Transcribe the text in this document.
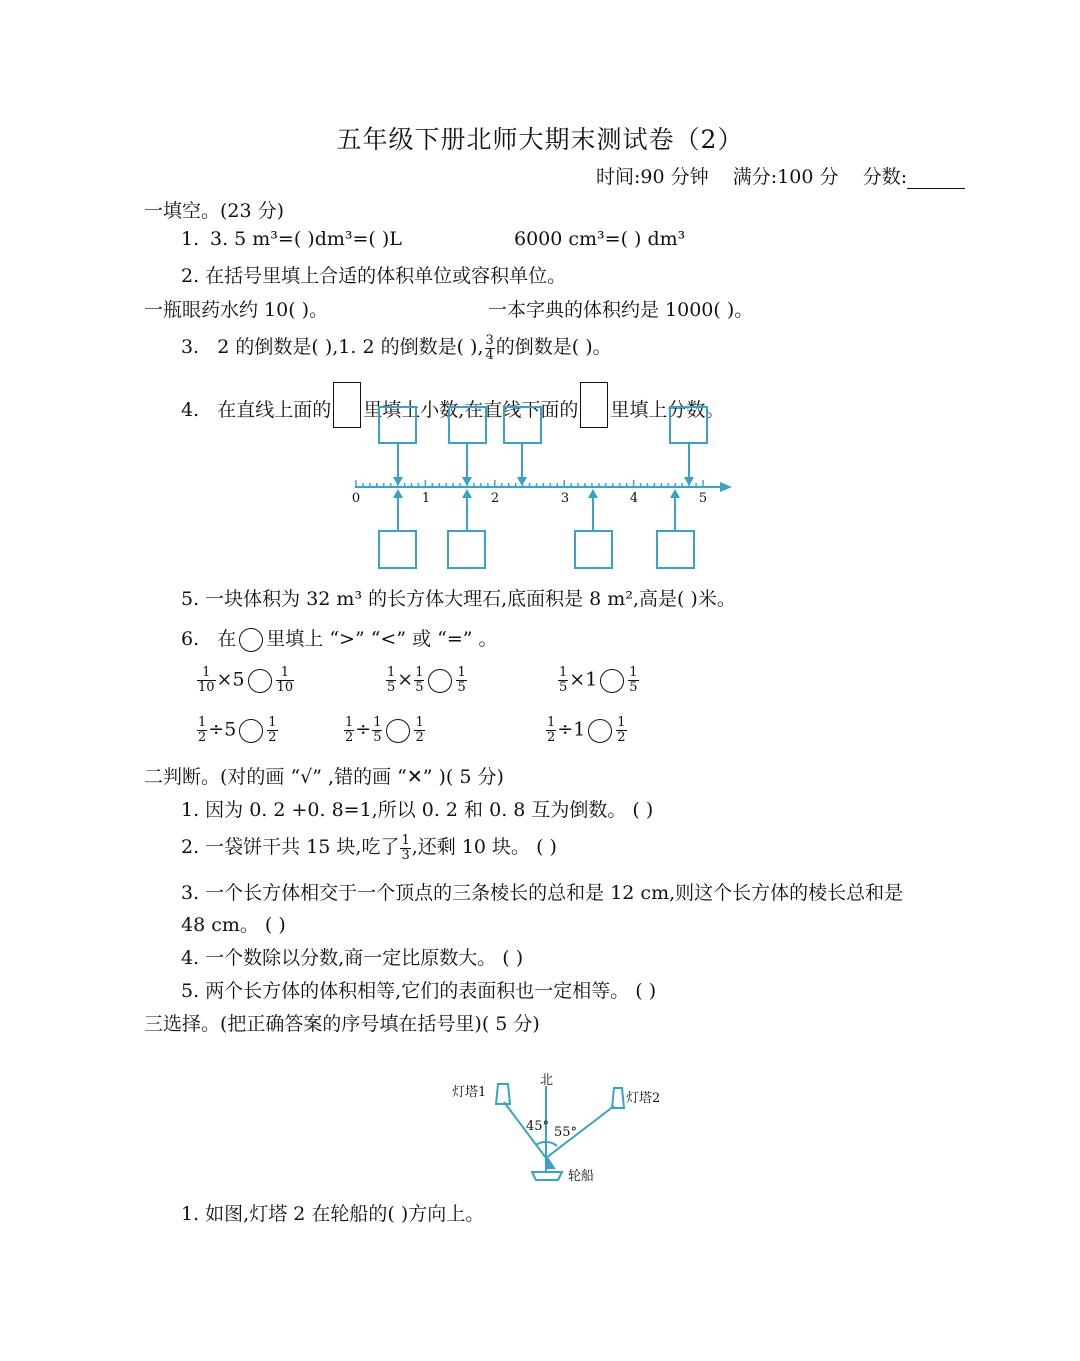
五年级下册北师大期末测试卷（2）
时间:90 分钟 满分:100 分 分数:
一填空。(23 分)
1. 3. 5 m³=( )dm³=( )L	6000 cm³=( ) dm³
2. 在括号里填上合适的体积单位或容积单位。
一瓶眼药水约 10( )。	一本字典的体积约是 1000( )。
3. 2 的倒数是( ),1. 2 的倒数是( ), $\frac{3}{4}$ 的倒数是( )。
4. 在直线上面的 里填上小数,在直线下面的 里填上分数。
0	1	2	3	4	5
5. 一块体积为 32 m³ 的长方体大理石,底面积是 8 m²,高是( )米。
6. 在 里填上 “>” “<” 或 “=” 。
$\frac{1}{10} \times 5 \frac{1}{10}$	$\frac{1}{5} \times \frac{1}{5} \frac{1}{5}$	$\frac{1}{5} \times 1 \frac{1}{5}$
$\frac{1}{2} \div 5 \frac{1}{2}$	$\frac{1}{2} \div \frac{1}{5} \frac{1}{2}$	$\frac{1}{2} \div 1 \frac{1}{2}$
二判断。(对的画 “√” ,错的画 “✕” )( 5 分)
1. 因为 0. 2 +0. 8=1,所以 0. 2 和 0. 8 互为倒数。 ( )
2. 一袋饼干共 15 块,吃了 $\frac{1}{3}$ ,还剩 10 块。 ( )
3. 一个长方体相交于一个顶点的三条棱长的总和是 12 cm,则这个长方体的棱长总和是
48 cm。 ( )
4. 一个数除以分数,商一定比原数大。 ( )
5. 两个长方体的体积相等,它们的表面积也一定相等。 ( )
三选择。(把正确答案的序号填在括号里)( 5 分)
北
灯塔1	灯塔2
45° 55°
轮船
1. 如图,灯塔 2 在轮船的( )方向上。
